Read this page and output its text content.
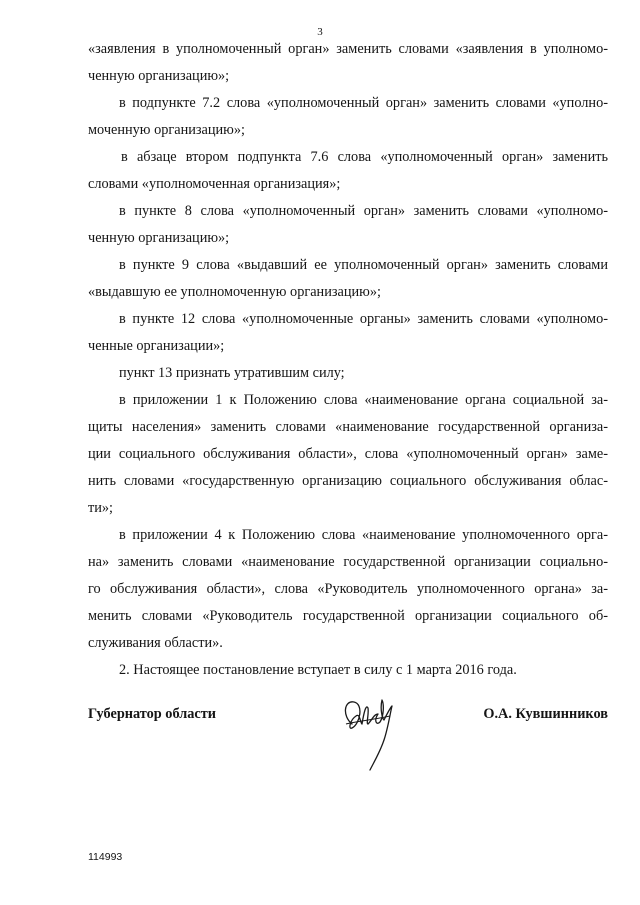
3
«заявления в уполномоченный орган» заменить словами «заявления в уполномо-
ченную организацию»;
в подпункте 7.2 слова «уполномоченный орган» заменить словами «уполно-
моченную организацию»;
в абзаце втором подпункта 7.6 слова «уполномоченный орган» заменить
словами «уполномоченная организация»;
в пункте 8 слова «уполномоченный орган» заменить словами «уполномо-
ченную организацию»;
в пункте 9 слова «выдавший ее уполномоченный орган» заменить словами
«выдавшую ее уполномоченную организацию»;
в пункте 12 слова «уполномоченные органы» заменить словами «уполномо-
ченные организации»;
пункт 13 признать утратившим силу;
в приложении 1 к Положению слова «наименование органа социальной за-
щиты населения» заменить словами «наименование государственной организа-
ции социального обслуживания области», слова «уполномоченный орган» заме-
нить словами «государственную организацию социального обслуживания облас-
ти»;
в приложении 4 к Положению слова «наименование уполномоченного орга-
на» заменить словами «наименование государственной организации социально-
го обслуживания области», слова «Руководитель уполномоченного органа» за-
менить словами «Руководитель государственной организации социального об-
служивания области».
2. Настоящее постановление вступает в силу с 1 марта 2016 года.
Губернатор области	О.А. Кувшинников
114993
